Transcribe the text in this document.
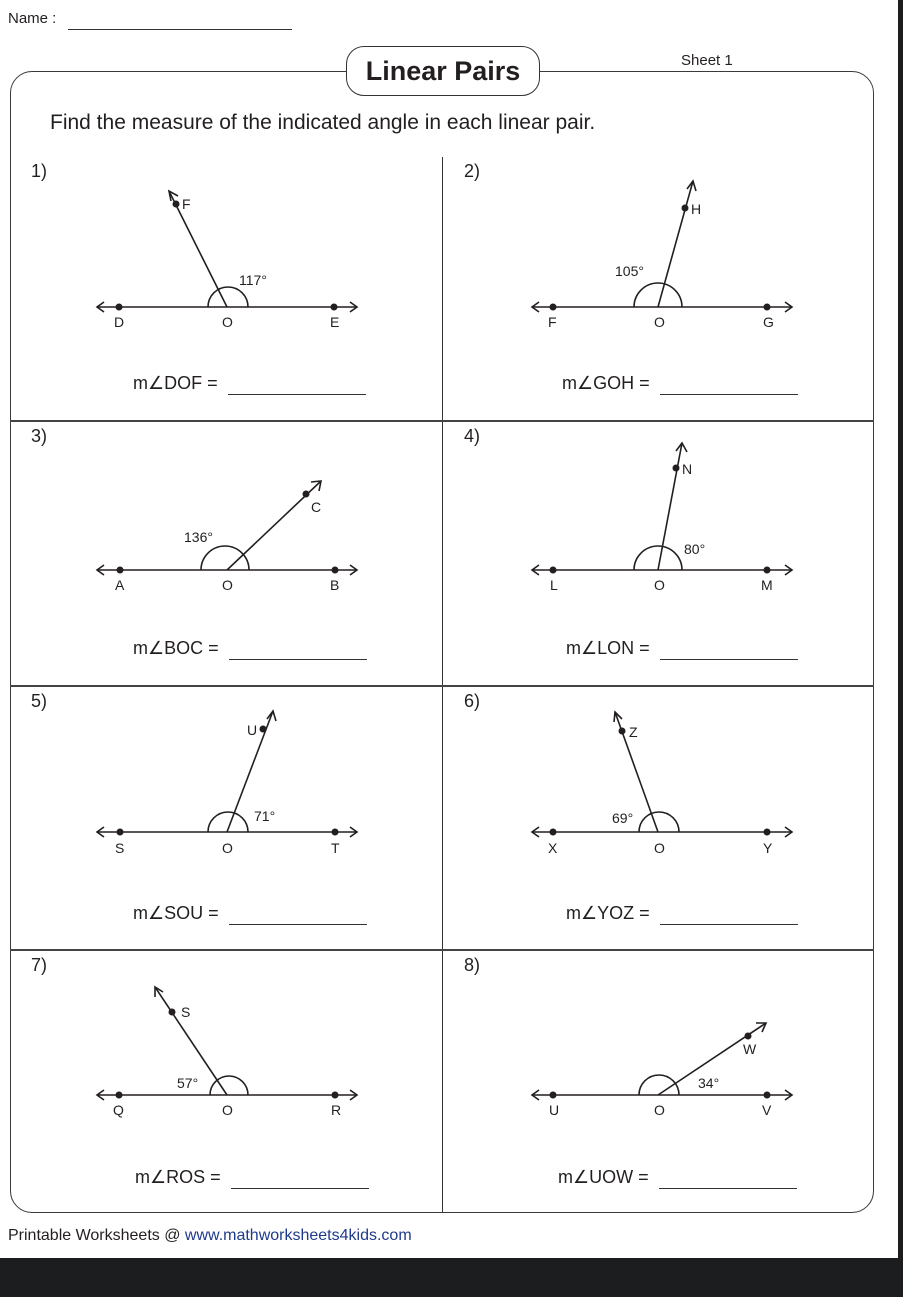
Name :
Linear Pairs	Sheet 1
Find the measure of the indicated angle in each linear pair.
1)
D	O	E
F
117°
m∠DOF =
2)
F	O	G
H
105°
m∠GOH =
3)
A	O	B
C
136°
m∠BOC =
4)
L	O	M
N
80°
m∠LON =
5)
S	O	T
U
71°
m∠SOU =
6)
X	O	Y
Z
69°
m∠YOZ =
7)
Q	O	R
S
57°
m∠ROS =
8)
U	O	V
W
34°
m∠UOW =
Printable Worksheets @ www.mathworksheets4kids.com
